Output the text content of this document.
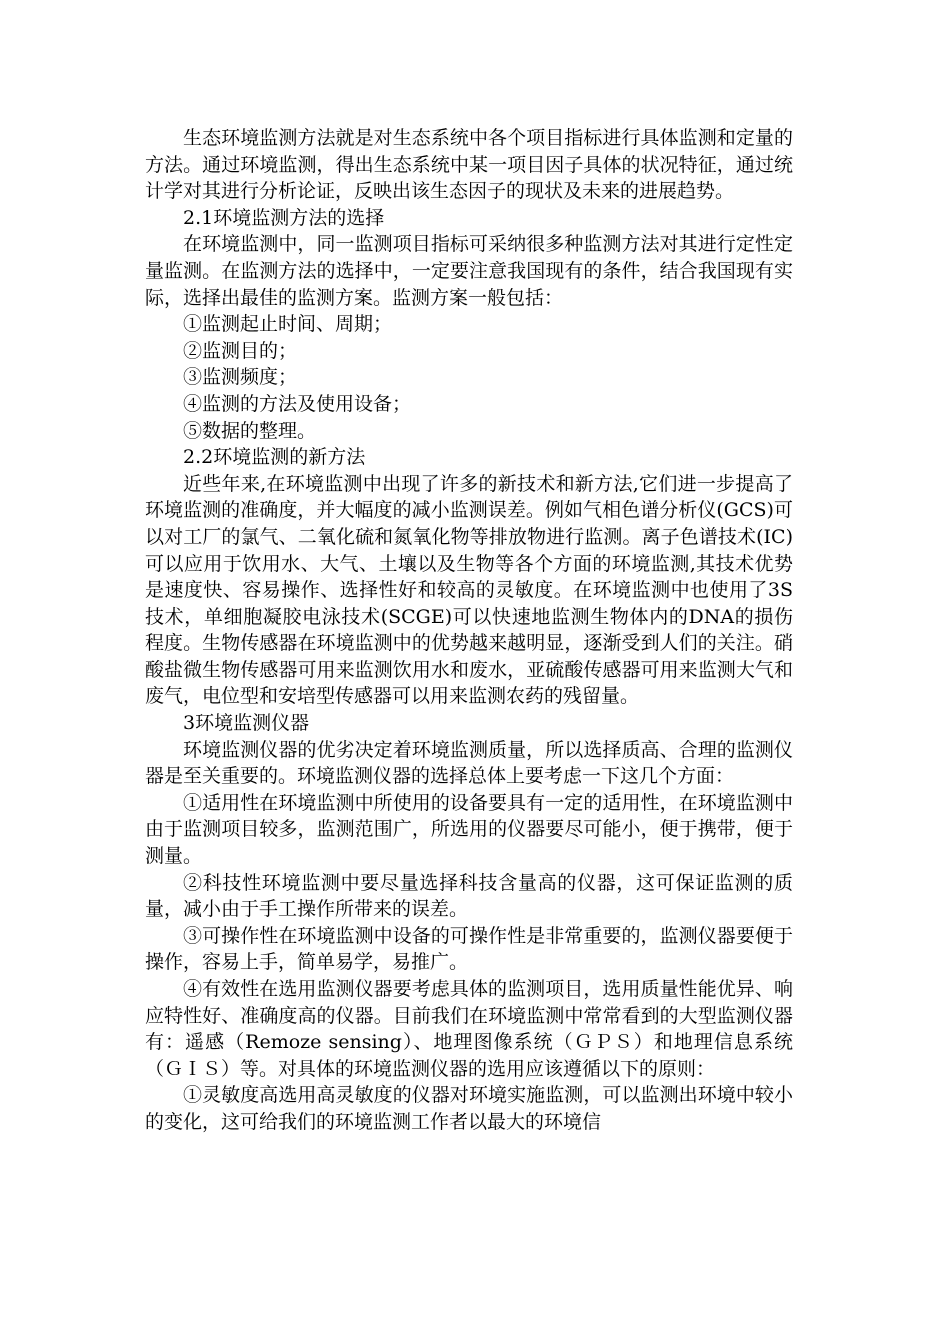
生态环境监测方法就是对生态系统中各个项目指标进行具体监测和定量的方法。通过环境监测，得出生态系统中某一项目因子具体的状况特征，通过统计学对其进行分析论证，反映出该生态因子的现状及未来的进展趋势。

2.1环境监测方法的选择

在环境监测中，同一监测项目指标可采纳很多种监测方法对其进行定性定量监测。在监测方法的选择中，一定要注意我国现有的条件，结合我国现有实际，选择出最佳的监测方案。监测方案一般包括：

①监测起止时间、周期；

②监测目的；

③监测频度；

④监测的方法及使用设备；

⑤数据的整理。

2.2环境监测的新方法

近些年来,在环境监测中出现了许多的新技术和新方法,它们进一步提高了环境监测的准确度，并大幅度的减小监测误差。例如气相色谱分析仪(GCS)可以对工厂的氯气、二氧化硫和氮氧化物等排放物进行监测。离子色谱技术(IC)可以应用于饮用水、大气、土壤以及生物等各个方面的环境监测,其技术优势是速度快、容易操作、选择性好和较高的灵敏度。在环境监测中也使用了3S技术，单细胞凝胶电泳技术(SCGE)可以快速地监测生物体内的DNA的损伤程度。生物传感器在环境监测中的优势越来越明显，逐渐受到人们的关注。硝酸盐微生物传感器可用来监测饮用水和废水，亚硫酸传感器可用来监测大气和废气，电位型和安培型传感器可以用来监测农药的残留量。

3环境监测仪器

环境监测仪器的优劣决定着环境监测质量，所以选择质高、合理的监测仪器是至关重要的。环境监测仪器的选择总体上要考虑一下这几个方面：

①适用性在环境监测中所使用的设备要具有一定的适用性，在环境监测中由于监测项目较多，监测范围广，所选用的仪器要尽可能小，便于携带，便于测量。

②科技性环境监测中要尽量选择科技含量高的仪器，这可保证监测的质量，减小由于手工操作所带来的误差。

③可操作性在环境监测中设备的可操作性是非常重要的，监测仪器要便于操作，容易上手，简单易学，易推广。

④有效性在选用监测仪器要考虑具体的监测项目，选用质量性能优异、响应特性好、准确度高的仪器。目前我们在环境监测中常常看到的大型监测仪器有：遥感（Remoze sensing）、地理图像系统（ＧＰＳ）和地理信息系统（ＧＩＳ）等。对具体的环境监测仪器的选用应该遵循以下的原则：

①灵敏度高选用高灵敏度的仪器对环境实施监测，可以监测出环境中较小的变化，这可给我们的环境监测工作者以最大的环境信
